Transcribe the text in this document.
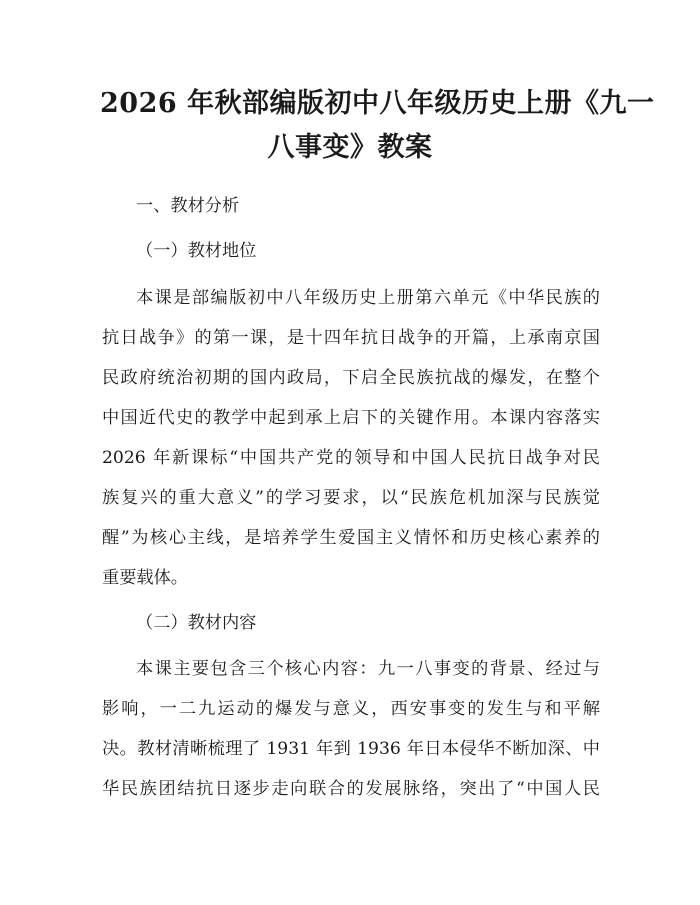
2026 年秋部编版初中八年级历史上册《九一
八事变》教案
一、教材分析
（一）教材地位
本课是部编版初中八年级历史上册第六单元《中华民族的
抗日战争》的第一课，是十四年抗日战争的开篇，上承南京国
民政府统治初期的国内政局，下启全民族抗战的爆发，在整个
中国近代史的教学中起到承上启下的关键作用。本课内容落实
2026 年新课标“中国共产党的领导和中国人民抗日战争对民
族复兴的重大意义”的学习要求，以“民族危机加深与民族觉
醒”为核心主线，是培养学生爱国主义情怀和历史核心素养的
重要载体。
（二）教材内容
本课主要包含三个核心内容：九一八事变的背景、经过与
影响，一二九运动的爆发与意义，西安事变的发生与和平解
决。教材清晰梳理了 1931 年到 1936 年日本侵华不断加深、中
华民族团结抗日逐步走向联合的发展脉络，突出了“中国人民
